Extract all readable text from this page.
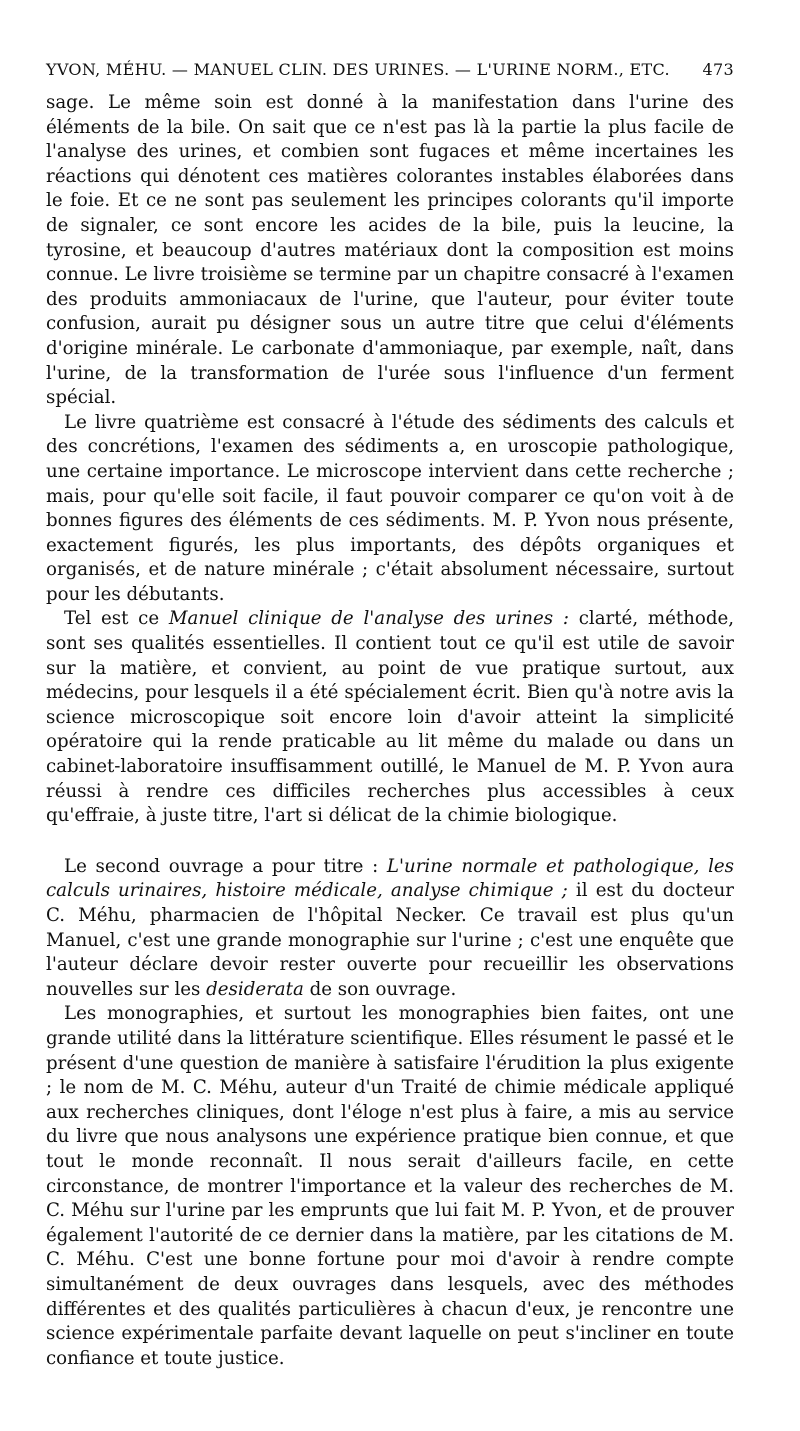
YVON, MÉHU. — MANUEL CLIN. DES URINES. — L'URINE NORM., ETC. 473

sage. Le même soin est donné à la manifestation dans l'urine des éléments de la bile. On sait que ce n'est pas là la partie la plus facile de l'analyse des urines, et combien sont fugaces et même incertaines les réactions qui dénotent ces matières colorantes instables élaborées dans le foie. Et ce ne sont pas seulement les principes colorants qu'il importe de signaler, ce sont encore les acides de la bile, puis la leucine, la tyrosine, et beaucoup d'autres matériaux dont la composition est moins connue. Le livre troisième se termine par un chapitre consacré à l'examen des produits ammoniacaux de l'urine, que l'auteur, pour éviter toute confusion, aurait pu désigner sous un autre titre que celui d'éléments d'origine minérale. Le carbonate d'ammoniaque, par exemple, naît, dans l'urine, de la transformation de l'urée sous l'influence d'un ferment spécial.

Le livre quatrième est consacré à l'étude des sédiments des calculs et des concrétions, l'examen des sédiments a, en uroscopie pathologique, une certaine importance. Le microscope intervient dans cette recherche ; mais, pour qu'elle soit facile, il faut pouvoir comparer ce qu'on voit à de bonnes figures des éléments de ces sédiments. M. P. Yvon nous présente, exactement figurés, les plus importants, des dépôts organiques et organisés, et de nature minérale ; c'était absolument nécessaire, surtout pour les débutants.

Tel est ce Manuel clinique de l'analyse des urines : clarté, méthode, sont ses qualités essentielles. Il contient tout ce qu'il est utile de savoir sur la matière, et convient, au point de vue pratique surtout, aux médecins, pour lesquels il a été spécialement écrit. Bien qu'à notre avis la science microscopique soit encore loin d'avoir atteint la simplicité opératoire qui la rende praticable au lit même du malade ou dans un cabinet-laboratoire insuffisamment outillé, le Manuel de M. P. Yvon aura réussi à rendre ces difficiles recherches plus accessibles à ceux qu'effraie, à juste titre, l'art si délicat de la chimie biologique.

Le second ouvrage a pour titre : L'urine normale et pathologique, les calculs urinaires, histoire médicale, analyse chimique ; il est du docteur C. Méhu, pharmacien de l'hôpital Necker. Ce travail est plus qu'un Manuel, c'est une grande monographie sur l'urine ; c'est une enquête que l'auteur déclare devoir rester ouverte pour recueillir les observations nouvelles sur les desiderata de son ouvrage.

Les monographies, et surtout les monographies bien faites, ont une grande utilité dans la littérature scientifique. Elles résument le passé et le présent d'une question de manière à satisfaire l'érudition la plus exigente ; le nom de M. C. Méhu, auteur d'un Traité de chimie médicale appliqué aux recherches cliniques, dont l'éloge n'est plus à faire, a mis au service du livre que nous analysons une expérience pratique bien connue, et que tout le monde reconnaît. Il nous serait d'ailleurs facile, en cette circonstance, de montrer l'importance et la valeur des recherches de M. C. Méhu sur l'urine par les emprunts que lui fait M. P. Yvon, et de prouver également l'autorité de ce dernier dans la matière, par les citations de M. C. Méhu. C'est une bonne fortune pour moi d'avoir à rendre compte simultanément de deux ouvrages dans lesquels, avec des méthodes différentes et des qualités particulières à chacun d'eux, je rencontre une science expérimentale parfaite devant laquelle on peut s'incliner en toute confiance et toute justice.
